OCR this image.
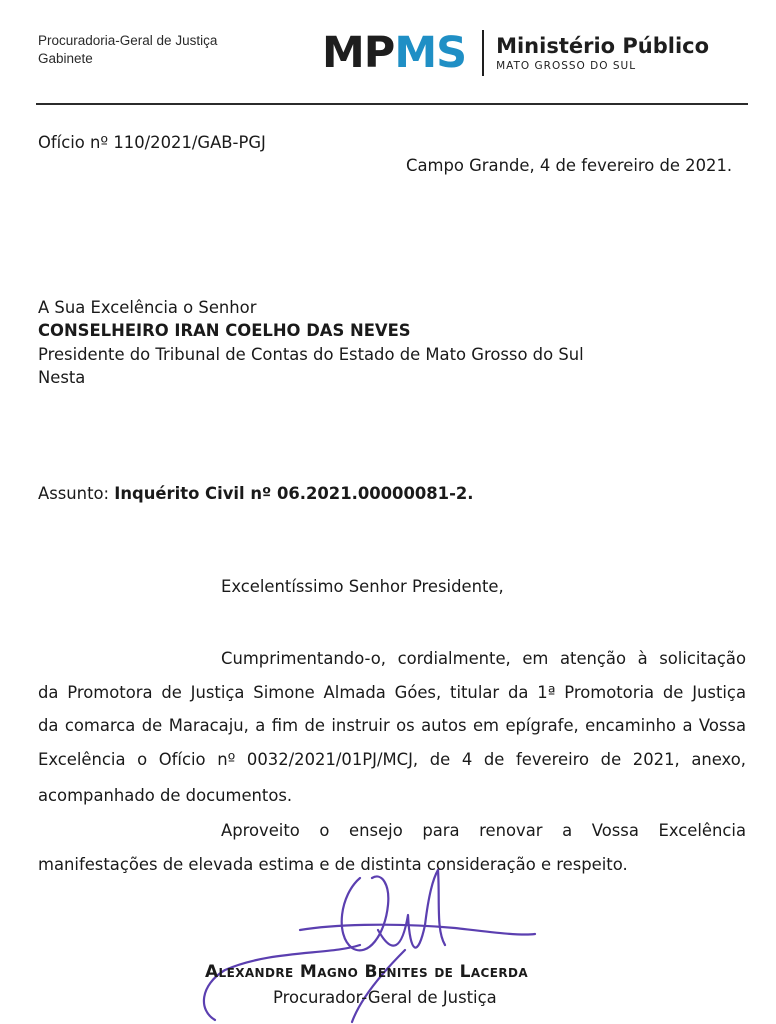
Procuradoria-Geral de Justiça
Gabinete	MPMS Ministério Público
MATO GROSSO DO SUL
Ofício nº 110/2021/GAB-PGJ
Campo Grande, 4 de fevereiro de 2021.
A Sua Excelência o Senhor
CONSELHEIRO IRAN COELHO DAS NEVES
Presidente do Tribunal de Contas do Estado de Mato Grosso do Sul
Nesta
Assunto: Inquérito Civil nº 06.2021.00000081-2.
Excelentíssimo Senhor Presidente,
Cumprimentando-o, cordialmente, em atenção à solicitação
da Promotora de Justiça Simone Almada Góes, titular da 1ª Promotoria de Justiça
da comarca de Maracaju, a fim de instruir os autos em epígrafe, encaminho a Vossa
Excelência o Ofício nº 0032/2021/01PJ/MCJ, de 4 de fevereiro de 2021, anexo,
acompanhado de documentos.
Aproveito o ensejo para renovar a Vossa Excelência
manifestações de elevada estima e de distinta consideração e respeito.
Alexandre Magno Benites de Lacerda
Procurador-Geral de Justiça
